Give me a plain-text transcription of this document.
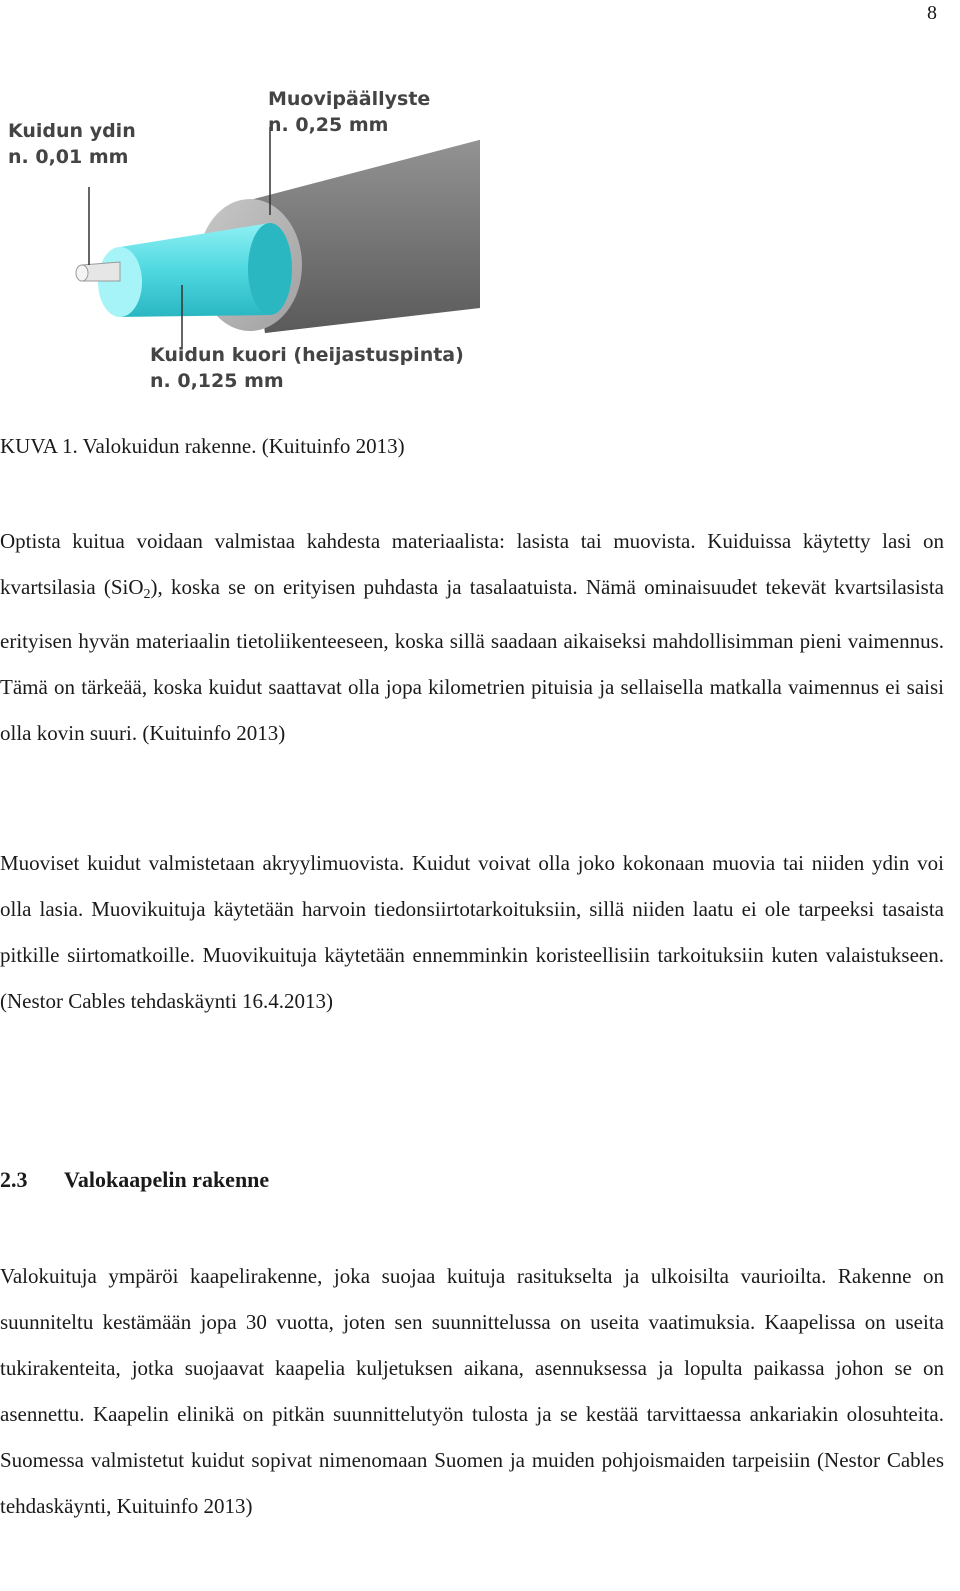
8
Kuidun ydin
n. 0,01 mm
Muovipäällyste
n. 0,25 mm
Kuidun kuori (heijastuspinta)
n. 0,125 mm
KUVA 1. Valokuidun rakenne. (Kuituinfo 2013)

Optista kuitua voidaan valmistaa kahdesta materiaalista: lasista tai muovista. Kuiduissa käytetty lasi on kvartsilasia (SiO$_2$), koska se on erityisen puhdasta ja tasalaatuista. Nämä ominaisuudet tekevät kvartsilasista erityisen hyvän materiaalin tietoliikenteeseen, koska sillä saadaan aikaiseksi mahdollisimman pieni vaimennus. Tämä on tärkeää, koska kuidut saattavat olla jopa kilometrien pituisia ja sellaisella matkalla vaimennus ei saisi olla kovin suuri. (Kuituinfo 2013)

Muoviset kuidut valmistetaan akryylimuovista. Kuidut voivat olla joko kokonaan muovia tai niiden ydin voi olla lasia. Muovikuituja käytetään harvoin tiedonsiirtotarkoituksiin, sillä niiden laatu ei ole tarpeeksi tasaista pitkille siirtomatkoille. Muovikuituja käytetään ennemminkin koristeellisiin tarkoituksiin kuten valaistukseen. (Nestor Cables tehdaskäynti 16.4.2013)

2.3 Valokaapelin rakenne

Valokuituja ympäröi kaapelirakenne, joka suojaa kuituja rasitukselta ja ulkoisilta vaurioilta. Rakenne on suunniteltu kestämään jopa 30 vuotta, joten sen suunnittelussa on useita vaatimuksia. Kaapelissa on useita tukirakenteita, jotka suojaavat kaapelia kuljetuksen aikana, asennuksessa ja lopulta paikassa johon se on asennettu. Kaapelin elinikä on pitkän suunnittelutyön tulosta ja se kestää tarvittaessa ankariakin olosuhteita. Suomessa valmistetut kuidut sopivat nimenomaan Suomen ja muiden pohjoismaiden tarpeisiin (Nestor Cables tehdaskäynti, Kuituinfo 2013)
